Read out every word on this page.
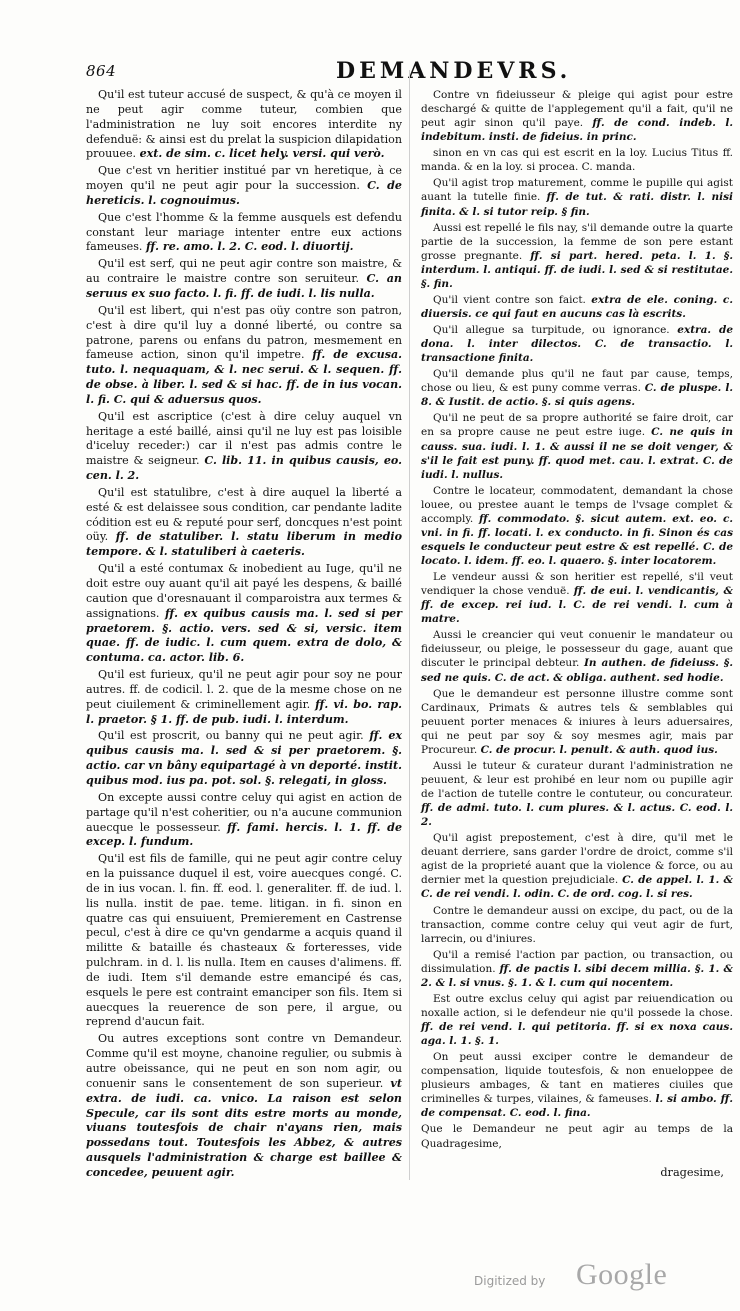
864	DEMANDEVRS.

Qu'il est tuteur accusé de suspect, & qu'à ce moyen il ne peut agir comme tuteur, combien que l'administration ne luy soit encores interdite ny defenduë: & ainsi est du prelat la suspicion dilapidation prouuee. ext. de sim. c. licet hely. versi. qui verò.

Que c'est vn heritier institué par vn heretique, à ce moyen qu'il ne peut agir pour la succession. C. de hereticis. l. cognouimus.

Que c'est l'homme & la femme ausquels est defendu constant leur mariage intenter entre eux actions fameuses. ff. re. amo. l. 2. C. eod. l. diuortij.

Qu'il est serf, qui ne peut agir contre son maistre, & au contraire le maistre contre son seruiteur. C. an seruus ex suo facto. l. fi. ff. de iudi. l. lis nulla.

Qu'il est libert, qui n'est pas oüy contre son patron, c'est à dire qu'il luy a donné liberté, ou contre sa patrone, parens ou enfans du patron, mesmement en fameuse action, sinon qu'il impetre. ff. de excusa. tuto. l. nequaquam, & l. nec serui. & l. sequen. ff. de obse. à liber. l. sed & si hac. ff. de in ius vocan. l. fi. C. qui & aduersus quos.

Qu'il est ascriptice (c'est à dire celuy auquel vn heritage a esté baillé, ainsi qu'il ne luy est pas loisible d'iceluy receder:) car il n'est pas admis contre le maistre & seigneur. C. lib. 11. in quibus causis, eo. cen. l. 2.

Qu'il est statulibre, c'est à dire auquel la liberté a esté & est delaissee sous condition, car pendante ladite códition est eu & reputé pour serf, doncques n'est point oüy. ff. de statuliber. l. statu liberum in medio tempore. & l. statuliberi à caeteris.

Qu'il a esté contumax & inobedient au Iuge, qu'il ne doit estre ouy auant qu'il ait payé les despens, & baillé caution que d'oresnauant il comparoistra aux termes & assignations. ff. ex quibus causis ma. l. sed si per praetorem. §. actio. vers. sed & si, versic. item quae. ff. de iudic. l. cum quem. extra de dolo, & contuma. ca. actor. lib. 6.

Qu'il est furieux, qu'il ne peut agir pour soy ne pour autres. ff. de codicil. l. 2. que de la mesme chose on ne peut ciuilement & criminellement agir. ff. vi. bo. rap. l. praetor. § 1. ff. de pub. iudi. l. interdum.

Qu'il est proscrit, ou banny qui ne peut agir. ff. ex quibus causis ma. l. sed & si per praetorem. §. actio. car vn bâny equipartagé à vn deporté. instit. quibus mod. ius pa. pot. sol. §. relegati, in gloss.

On excepte aussi contre celuy qui agist en action de partage qu'il n'est coheritier, ou n'a aucune communion auecque le possesseur. ff. fami. hercis. l. 1. ff. de excep. l. fundum.

Qu'il est fils de famille, qui ne peut agir contre celuy en la puissance duquel il est, voire auecques congé. C. de in ius vocan. l. fin. ff. eod. l. generaliter. ff. de iud. l. lis nulla. instit de pae. teme. litigan. in fi. sinon en quatre cas qui ensuiuent, Premierement en Castrense pecul, c'est à dire ce qu'vn gendarme a acquis quand il militte & bataille és chasteaux & forteresses, vide pulchram. in d. l. lis nulla. Item en causes d'alimens. ff. de iudi. Item s'il demande estre emancipé és cas, esquels le pere est contraint emanciper son fils. Item si auecques la reuerence de son pere, il argue, ou reprend d'aucun fait.

Ou autres exceptions sont contre vn Demandeur. Comme qu'il est moyne, chanoine regulier, ou submis à autre obeissance, qui ne peut en son nom agir, ou conuenir sans le consentement de son superieur. vt extra. de iudi. ca. vnico. La raison est selon Specule, car ils sont dits estre morts au monde, viuans toutesfois de chair n'ayans rien, mais possedans tout. Toutesfois les Abbez, & autres ausquels l'administration & charge est baillee & concedee, peuuent agir.

Contre vn fideiusseur & pleige qui agist pour estre deschargé & quitte de l'applegement qu'il a fait, qu'il ne peut agir sinon qu'il paye. ff. de cond. indeb. l. indebitum. insti. de fideius. in princ.

sinon en vn cas qui est escrit en la loy. Lucius Titus ff. manda. & en la loy. si procea. C. manda.

Qu'il agist trop maturement, comme le pupille qui agist auant la tutelle finie. ff. de tut. & rati. distr. l. nisi finita. & l. si tutor reip. § fin.

Aussi est repellé le fils nay, s'il demande outre la quarte partie de la succession, la femme de son pere estant grosse pregnante. ff. si part. hered. peta. l. 1. §. interdum. l. antiqui. ff. de iudi. l. sed & si restitutae. §. fin.

Qu'il vient contre son faict. extra de ele. coning. c. diuersis. ce qui faut en aucuns cas là escrits.

Qu'il allegue sa turpitude, ou ignorance. extra. de dona. l. inter dilectos. C. de transactio. l. transactione finita.

Qu'il demande plus qu'il ne faut par cause, temps, chose ou lieu, & est puny comme verras. C. de pluspe. l. 8. & Iustit. de actio. §. si quis agens.

Qu'il ne peut de sa propre authorité se faire droit, car en sa propre cause ne peut estre iuge. C. ne quis in causs. sua. iudi. l. 1. & aussi il ne se doit venger, & s'il le fait est puny. ff. quod met. cau. l. extrat. C. de iudi. l. nullus.

Contre le locateur, commodatent, demandant la chose louee, ou prestee auant le temps de l'vsage complet & accomply. ff. commodato. §. sicut autem. ext. eo. c. vni. in fi. ff. locati. l. ex conducto. in fi. Sinon és cas esquels le conducteur peut estre & est repellé. C. de locato. l. idem. ff. eo. l. quaero. §. inter locatorem.

Le vendeur aussi & son heritier est repellé, s'il veut vendiquer la chose venduë. ff. de eui. l. vendicantis, & ff. de excep. rei iud. l. C. de rei vendi. l. cum à matre.

Aussi le creancier qui veut conuenir le mandateur ou fideiusseur, ou pleige, le possesseur du gage, auant que discuter le principal debteur. In authen. de fideiuss. §. sed ne quis. C. de act. & obliga. authent. sed hodie.

Que le demandeur est personne illustre comme sont Cardinaux, Primats & autres tels & semblables qui peuuent porter menaces & iniures à leurs aduersaires, qui ne peut par soy & soy mesmes agir, mais par Procureur. C. de procur. l. penult. & auth. quod ius.

Aussi le tuteur & curateur durant l'administration ne peuuent, & leur est prohibé en leur nom ou pupille agir de l'action de tutelle contre le contuteur, ou concurateur. ff. de admi. tuto. l. cum plures. & l. actus. C. eod. l. 2.

Qu'il agist prepostement, c'est à dire, qu'il met le deuant derriere, sans garder l'ordre de droict, comme s'il agist de la proprieté auant que la violence & force, ou au dernier met la question prejudiciale. C. de appel. l. 1. & C. de rei vendi. l. odin. C. de ord. cog. l. si res.

Contre le demandeur aussi on excipe, du pact, ou de la transaction, comme contre celuy qui veut agir de furt, larrecin, ou d'iniures.

Qu'il a remisé l'action par paction, ou transaction, ou dissimulation. ff. de pactis l. sibi decem millia. §. 1. & 2. & l. si vnus. §. 1. & l. cum qui nocentem.

Est outre exclus celuy qui agist par reiuendication ou noxalle action, si le defendeur nie qu'il possede la chose. ff. de rei vend. l. qui petitoria. ff. si ex noxa caus. aga. l. 1. §. 1.

On peut aussi exciper contre le demandeur de compensation, liquide toutesfois, & non enueloppee de plusieurs ambages, & tant en matieres ciuiles que criminelles & turpes, vilaines, & fameuses. l. si ambo. ff. de compensat. C. eod. l. fina.

Que le Demandeur ne peut agir au temps de la Quadragesime,

dragesime,
Digitized by Google
